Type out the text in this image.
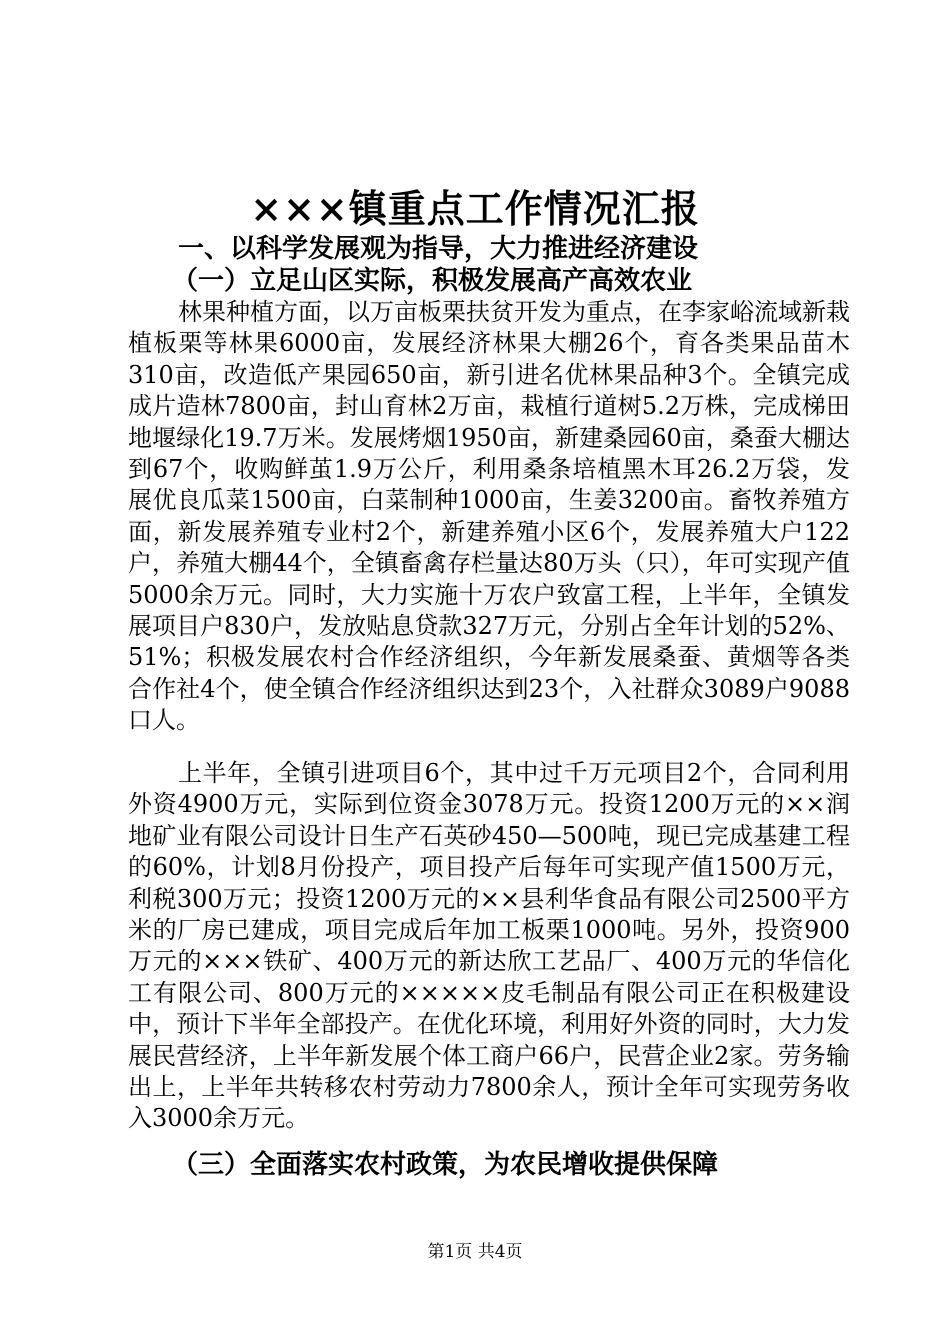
×××镇重点工作情况汇报
一、以科学发展观为指导，大力推进经济建设
（一）立足山区实际，积极发展高产高效农业

林果种植方面，以万亩板栗扶贫开发为重点，在李家峪流域新栽植板栗等林果6000亩，发展经济林果大棚26个，育各类果品苗木310亩，改造低产果园650亩，新引进名优林果品种3个。全镇完成成片造林7800亩，封山育林2万亩，栽植行道树5.2万株，完成梯田地堰绿化19.7万米。发展烤烟1950亩，新建桑园60亩，桑蚕大棚达到67个，收购鲜茧1.9万公斤，利用桑条培植黑木耳26.2万袋，发展优良瓜菜1500亩，白菜制种1000亩，生姜3200亩。畜牧养殖方面，新发展养殖专业村2个，新建养殖小区6个，发展养殖大户122户，养殖大棚44个，全镇畜禽存栏量达80万头（只），年可实现产值5000余万元。同时，大力实施十万农户致富工程，上半年，全镇发展项目户830户，发放贴息贷款327万元，分别占全年计划的52%、51%；积极发展农村合作经济组织，今年新发展桑蚕、黄烟等各类合作社4个，使全镇合作经济组织达到23个，入社群众3089户9088口人。

上半年，全镇引进项目6个，其中过千万元项目2个，合同利用外资4900万元，实际到位资金3078万元。投资1200万元的××润地矿业有限公司设计日生产石英砂450—500吨，现已完成基建工程的60%，计划8月份投产，项目投产后每年可实现产值1500万元，利税300万元；投资1200万元的××县利华食品有限公司2500平方米的厂房已建成，项目完成后年加工板栗1000吨。另外，投资900万元的×××铁矿、400万元的新达欣工艺品厂、400万元的华信化工有限公司、800万元的×××××皮毛制品有限公司正在积极建设中，预计下半年全部投产。在优化环境，利用好外资的同时，大力发展民营经济，上半年新发展个体工商户66户，民营企业2家。劳务输出上，上半年共转移农村劳动力7800余人，预计全年可实现劳务收入3000余万元。

（三）全面落实农村政策，为农民增收提供保障
第1页 共4页
